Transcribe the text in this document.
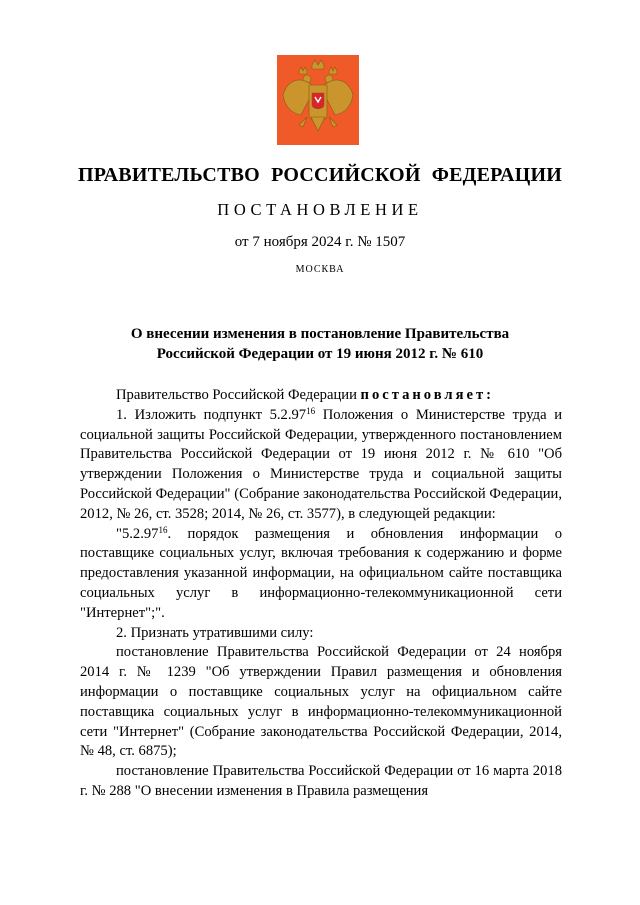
ПРАВИТЕЛЬСТВО РОССИЙСКОЙ ФЕДЕРАЦИИ
ПОСТАНОВЛЕНИЕ
от 7 ноября 2024 г. № 1507
МОСКВА
О внесении изменения в постановление Правительства
Российской Федерации от 19 июня 2012 г. № 610

Правительство Российской Федерации постановляет:

1. Изложить подпункт 5.2.97$^{16}$ Положения о Министерстве труда и социальной защиты Российской Федерации, утвержденного постановлением Правительства Российской Федерации от 19 июня 2012 г. № 610 "Об утверждении Положения о Министерстве труда и социальной защиты Российской Федерации" (Собрание законодательства Российской Федерации, 2012, № 26, ст. 3528; 2014, № 26, ст. 3577), в следующей редакции:

"5.2.97$^{16}$. порядок размещения и обновления информации о поставщике социальных услуг, включая требования к содержанию и форме предоставления указанной информации, на официальном сайте поставщика социальных услуг в информационно-телекоммуникационной сети "Интернет";".

2. Признать утратившими силу:

постановление Правительства Российской Федерации от 24 ноября 2014 г. № 1239 "Об утверждении Правил размещения и обновления информации о поставщике социальных услуг на официальном сайте поставщика социальных услуг в информационно-телекоммуникационной сети "Интернет" (Собрание законодательства Российской Федерации, 2014, № 48, ст. 6875);

постановление Правительства Российской Федерации от 16 марта 2018 г. № 288 "О внесении изменения в Правила размещения
